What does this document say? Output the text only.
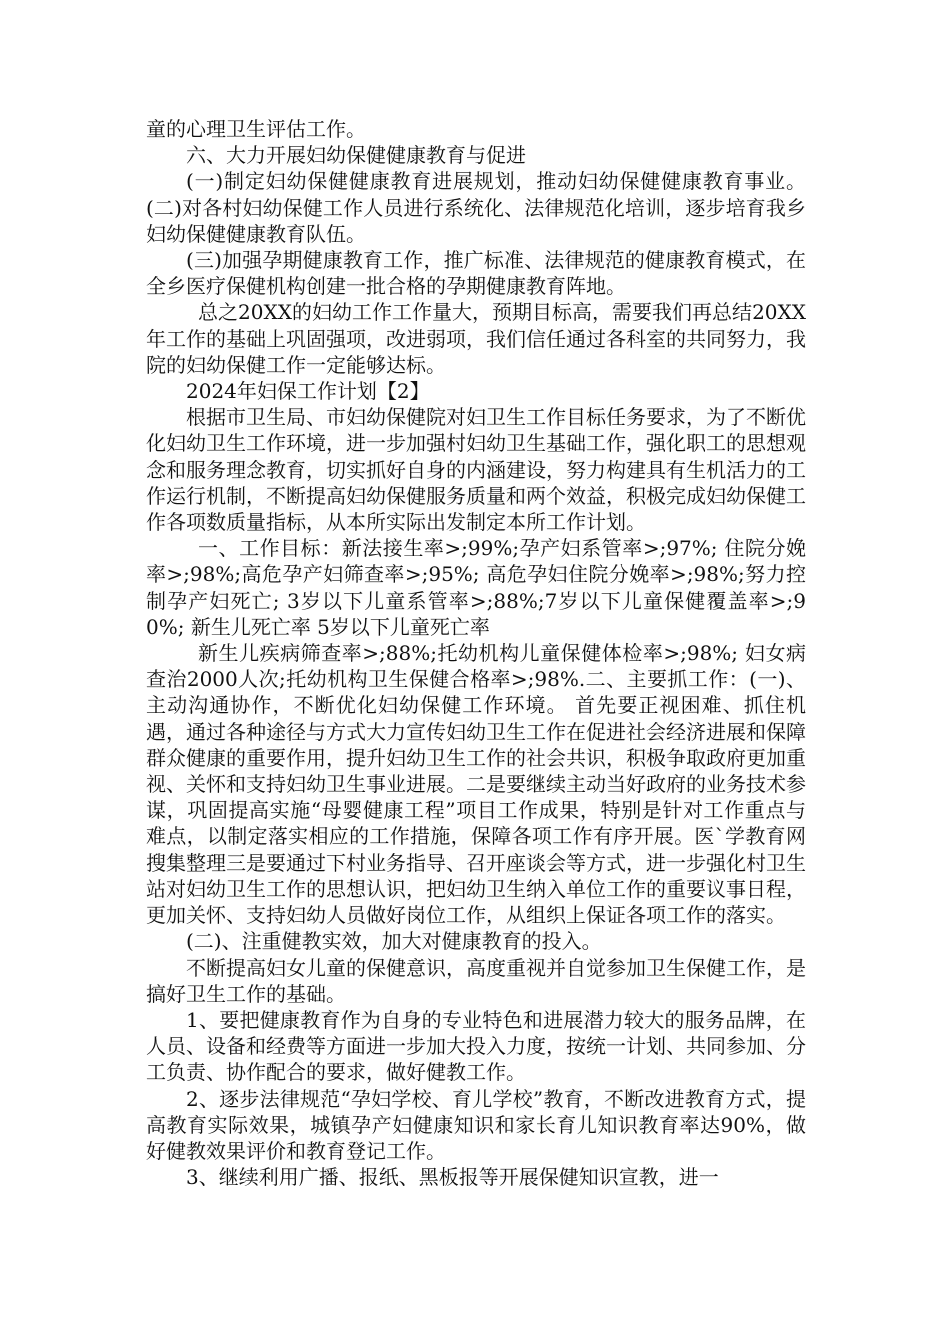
童的心理卫生评估工作。

六、大力开展妇幼保健健康教育与促进

(一)制定妇幼保健健康教育进展规划，推动妇幼保健健康教育事业。 (二)对各村妇幼保健工作人员进行系统化、法律规范化培训，逐步培育我乡妇幼保健健康教育队伍。

(三)加强孕期健康教育工作，推广标准、法律规范的健康教育模式，在全乡医疗保健机构创建一批合格的孕期健康教育阵地。

总之20XX的妇幼工作工作量大，预期目标高，需要我们再总结20XX年工作的基础上巩固强项，改进弱项，我们信任通过各科室的共同努力，我院的妇幼保健工作一定能够达标。

2024年妇保工作计划【2】

根据市卫生局、市妇幼保健院对妇卫生工作目标任务要求，为了不断优化妇幼卫生工作环境，进一步加强村妇幼卫生基础工作，强化职工的思想观念和服务理念教育，切实抓好自身的内涵建设，努力构建具有生机活力的工作运行机制，不断提高妇幼保健服务质量和两个效益，积极完成妇幼保健工作各项数质量指标，从本所实际出发制定本所工作计划。

一、工作目标：新法接生率>;99%;孕产妇系管率>;97%; 住院分娩率>;98%;高危孕产妇筛查率>;95%; 高危孕妇住院分娩率>;98%;努力控制孕产妇死亡; 3岁以下儿童系管率>;88%;7岁以下儿童保健覆盖率>;90%; 新生儿死亡率 5岁以下儿童死亡率

新生儿疾病筛查率>;88%;托幼机构儿童保健体检率>;98%; 妇女病查治2000人次;托幼机构卫生保健合格率>;98%.二、主要抓工作：(一)、主动沟通协作，不断优化妇幼保健工作环境。 首先要正视困难、抓住机遇，通过各种途径与方式大力宣传妇幼卫生工作在促进社会经济进展和保障群众健康的重要作用，提升妇幼卫生工作的社会共识，积极争取政府更加重视、关怀和支持妇幼卫生事业进展。二是要继续主动当好政府的业务技术参谋，巩固提高实施“母婴健康工程”项目工作成果，特别是针对工作重点与难点，以制定落实相应的工作措施，保障各项工作有序开展。医`学教育网搜集整理三是要通过下村业务指导、召开座谈会等方式，进一步强化村卫生站对妇幼卫生工作的思想认识，把妇幼卫生纳入单位工作的重要议事日程，更加关怀、支持妇幼人员做好岗位工作，从组织上保证各项工作的落实。

(二)、注重健教实效，加大对健康教育的投入。

不断提高妇女儿童的保健意识，高度重视并自觉参加卫生保健工作，是搞好卫生工作的基础。

1、要把健康教育作为自身的专业特色和进展潜力较大的服务品牌，在人员、设备和经费等方面进一步加大投入力度，按统一计划、共同参加、分工负责、协作配合的要求，做好健教工作。

2、逐步法律规范“孕妇学校、育儿学校”教育，不断改进教育方式，提高教育实际效果，城镇孕产妇健康知识和家长育儿知识教育率达90%，做好健教效果评价和教育登记工作。

3、继续利用广播、报纸、黑板报等开展保健知识宣教，进一
